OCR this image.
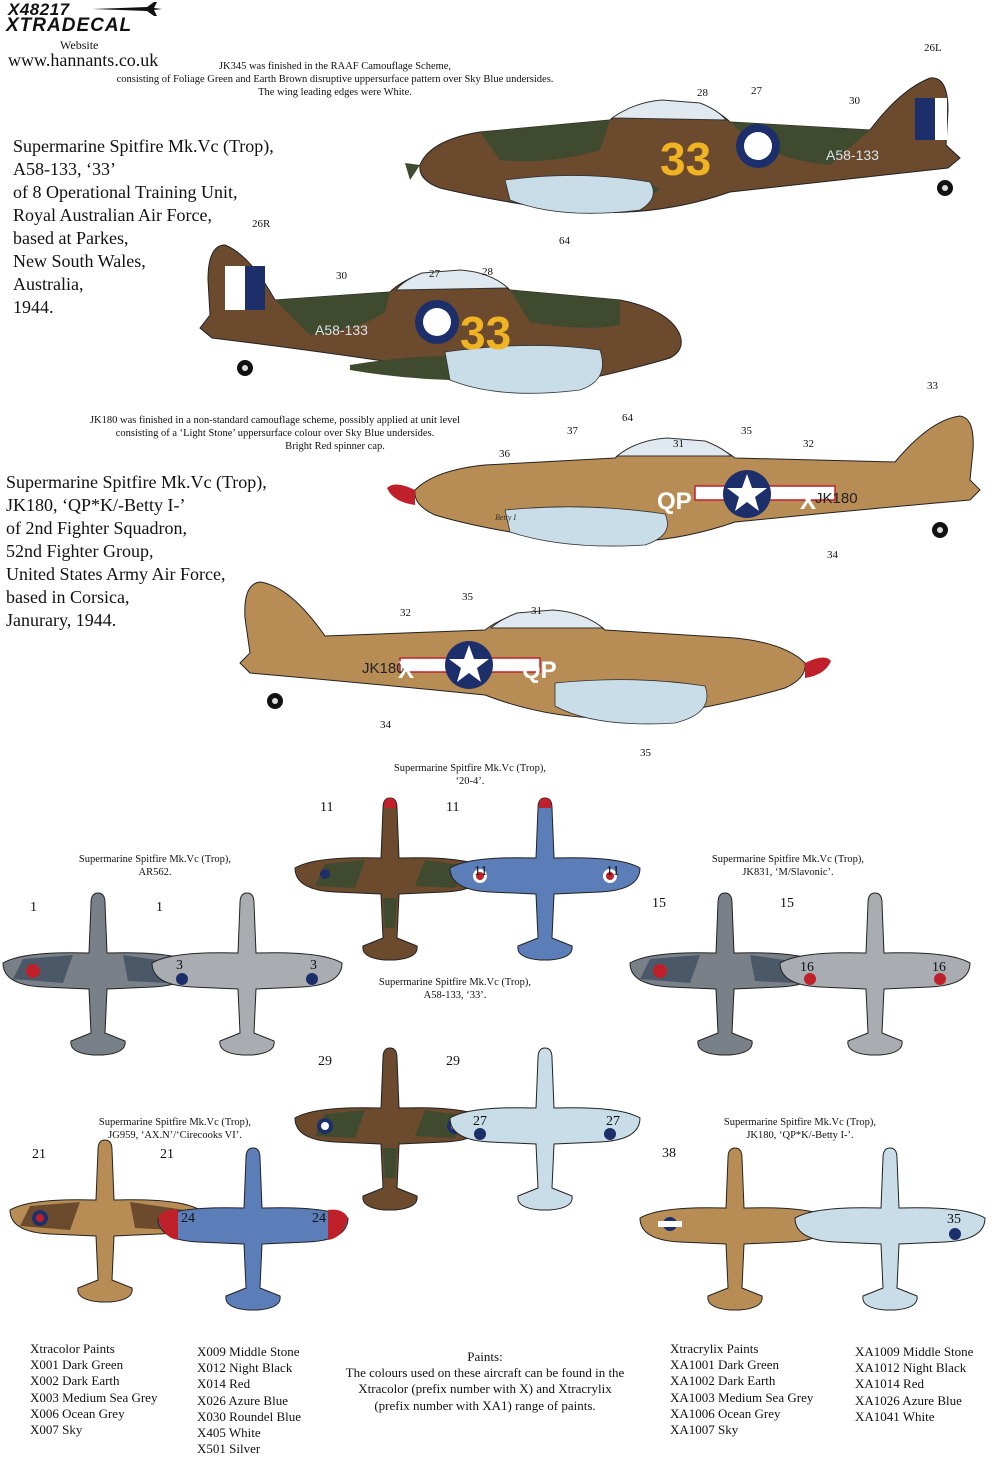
X48217
XTRADECAL
Website
www.hannants.co.uk	JK345 was finished in the RAAF Camouflage Scheme,
consisting of Foliage Green and Earth Brown disruptive uppersurface pattern over Sky Blue undersides.
The wing leading edges were White.
Supermarine Spitfire Mk.Vc (Trop),
A58-133, ‘33’
of 8 Operational Training Unit,
Royal Australian Air Force,
based at Parkes,
New South Wales,
Australia,
1944.
33	A58-133
26L
28	27
30
64
33
A58-133
26R
30	27	28
64
JK180 was finished in a non-standard camouflage scheme, possibly applied at unit level
consisting of a ‘Light Stone’ uppersurface colour over Sky Blue undersides.
Bright Red spinner cap.
Supermarine Spitfire Mk.Vc (Trop),
JK180, ‘QP*K/-Betty I-’
of 2nd Fighter Squadron,
52nd Fighter Group,
United States Army Air Force,
based in Corsica,
Janurary, 1944.
QP	X
JK180
Betty I
33
37
36
31
35
32
34
JK180
X	QP
35
32	31
34
35
Supermarine Spitfire Mk.Vc (Trop),
‘20-4’.
Supermarine Spitfire Mk.Vc (Trop),
AR562.
Supermarine Spitfire Mk.Vc (Trop),
JK831, ‘M/Slavonic’.
Supermarine Spitfire Mk.Vc (Trop),
A58-133, ‘33’.
Supermarine Spitfire Mk.Vc (Trop),
JG959, ‘AX.N’/‘Cirecooks VI’.
Supermarine Spitfire Mk.Vc (Trop),
JK180, ‘QP*K/-Betty I-’.
11	11
11	11
1	1
3	3
15	15
16	16
29	29
27	27
21	21
24	24
38
35
Xtracolor Paints
X001 Dark Green
X002 Dark Earth
X003 Medium Sea Grey
X006 Ocean Grey
X007 Sky
X009 Middle Stone
X012 Night Black
X014 Red
X026 Azure Blue
X030 Roundel Blue
X405 White
X501 Silver
Paints:
The colours used on these aircraft can be found in the
Xtracolor (prefix number with X) and Xtracrylix
(prefix number with XA1) range of paints.
Xtracrylix Paints
XA1001 Dark Green
XA1002 Dark Earth
XA1003 Medium Sea Grey
XA1006 Ocean Grey
XA1007 Sky
XA1009 Middle Stone
XA1012 Night Black
XA1014 Red
XA1026 Azure Blue
XA1041 White
